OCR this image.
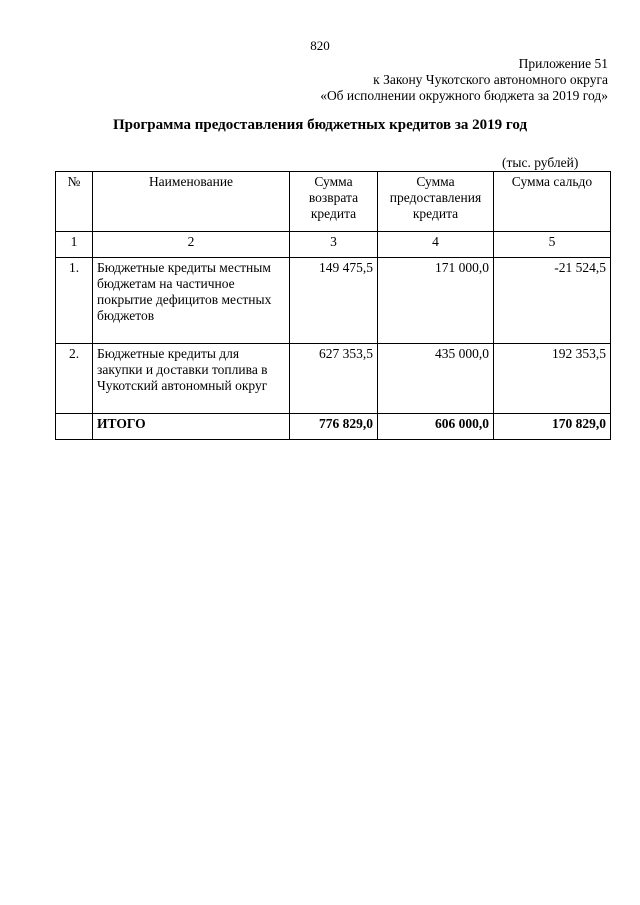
820
Приложение 51
к Закону Чукотского автономного округа
«Об исполнении окружного бюджета за 2019 год»
Программа предоставления бюджетных кредитов за 2019 год
(тыс. рублей)
№	Наименование	Сумма возврата кредита	Сумма предоставления кредита	Сумма сальдо
1	2	3	4	5
1.	Бюджетные кредиты местным бюджетам на частичное покрытие дефицитов местных бюджетов	149 475,5	171 000,0	-21 524,5
2.	Бюджетные кредиты для закупки и доставки топлива в Чукотский автономный округ	627 353,5	435 000,0	192 353,5
	ИТОГО	776 829,0	606 000,0	170 829,0
